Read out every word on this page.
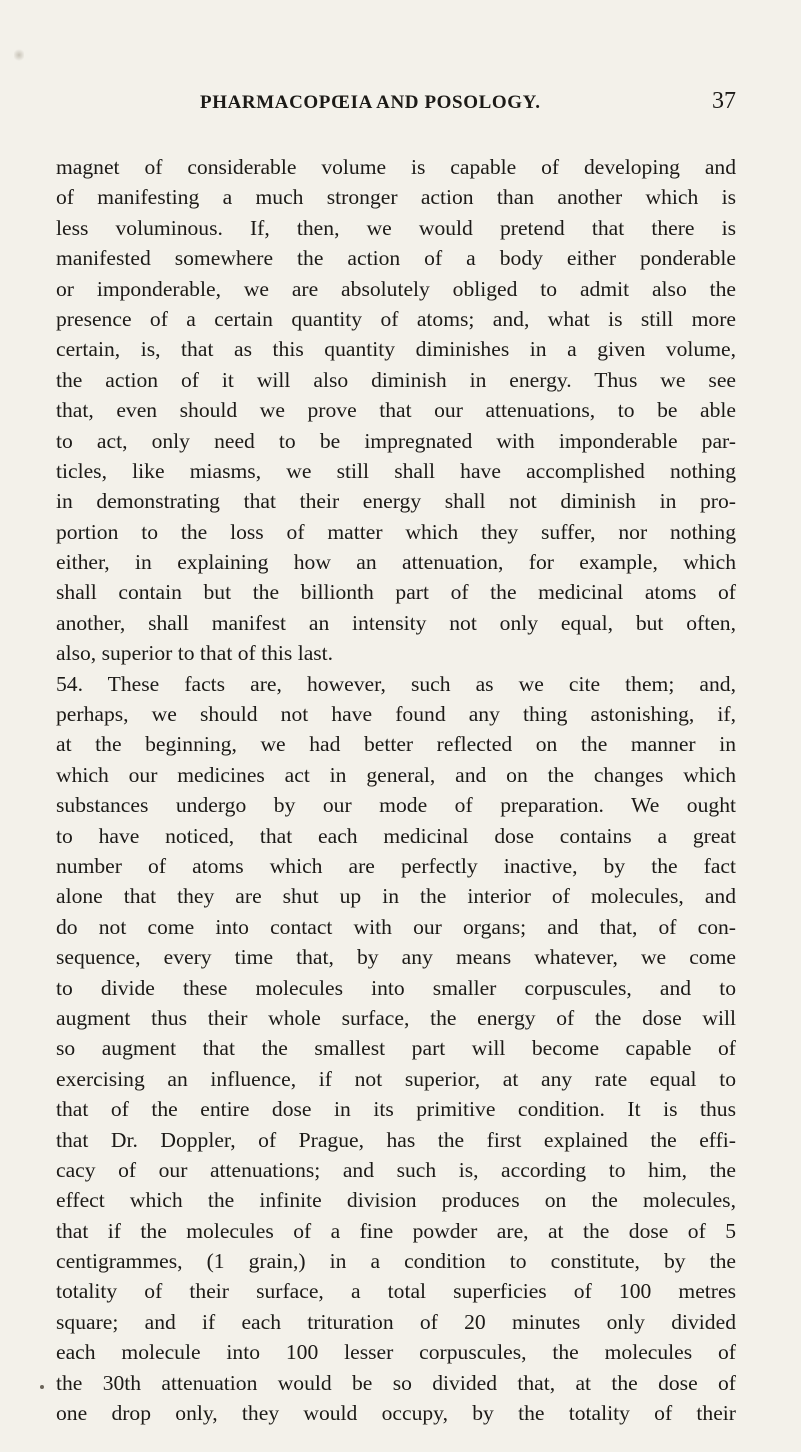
PHARMACOPŒIA AND POSOLOGY.	37
magnet of considerable volume is capable of developing and
of manifesting a much stronger action than another which is
less voluminous. If, then, we would pretend that there is
manifested somewhere the action of a body either ponderable
or imponderable, we are absolutely obliged to admit also the
presence of a certain quantity of atoms; and, what is still more
certain, is, that as this quantity diminishes in a given volume,
the action of it will also diminish in energy. Thus we see
that, even should we prove that our attenuations, to be able
to act, only need to be impregnated with imponderable par-
ticles, like miasms, we still shall have accomplished nothing
in demonstrating that their energy shall not diminish in pro-
portion to the loss of matter which they suffer, nor nothing
either, in explaining how an attenuation, for example, which
shall contain but the billionth part of the medicinal atoms of
another, shall manifest an intensity not only equal, but often,
also, superior to that of this last.
54. These facts are, however, such as we cite them; and,
perhaps, we should not have found any thing astonishing, if,
at the beginning, we had better reflected on the manner in
which our medicines act in general, and on the changes which
substances undergo by our mode of preparation. We ought
to have noticed, that each medicinal dose contains a great
number of atoms which are perfectly inactive, by the fact
alone that they are shut up in the interior of molecules, and
do not come into contact with our organs; and that, of con-
sequence, every time that, by any means whatever, we come
to divide these molecules into smaller corpuscules, and to
augment thus their whole surface, the energy of the dose will
so augment that the smallest part will become capable of
exercising an influence, if not superior, at any rate equal to
that of the entire dose in its primitive condition. It is thus
that Dr. Doppler, of Prague, has the first explained the effi-
cacy of our attenuations; and such is, according to him, the
effect which the infinite division produces on the molecules,
that if the molecules of a fine powder are, at the dose of 5
centigrammes, (1 grain,) in a condition to constitute, by the
totality of their surface, a total superficies of 100 metres
square; and if each trituration of 20 minutes only divided
each molecule into 100 lesser corpuscules, the molecules of
the 30th attenuation would be so divided that, at the dose of
one drop only, they would occupy, by the totality of their
